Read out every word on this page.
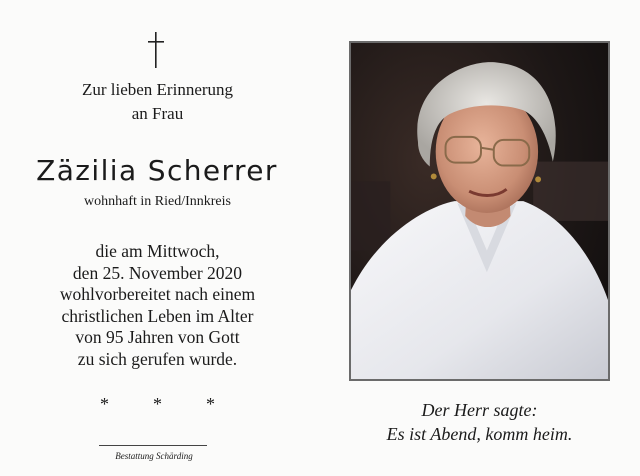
Zur lieben Erinnerung
an Frau
Zäzilia Scherrer
wohnhaft in Ried/Innkreis
die am Mittwoch,
den 25. November 2020
wohlvorbereitet nach einem
christlichen Leben im Alter
von 95 Jahren von Gott
zu sich gerufen wurde.
* * *
Bestattung Schärding
Der Herr sagte:
Es ist Abend, komm heim.
